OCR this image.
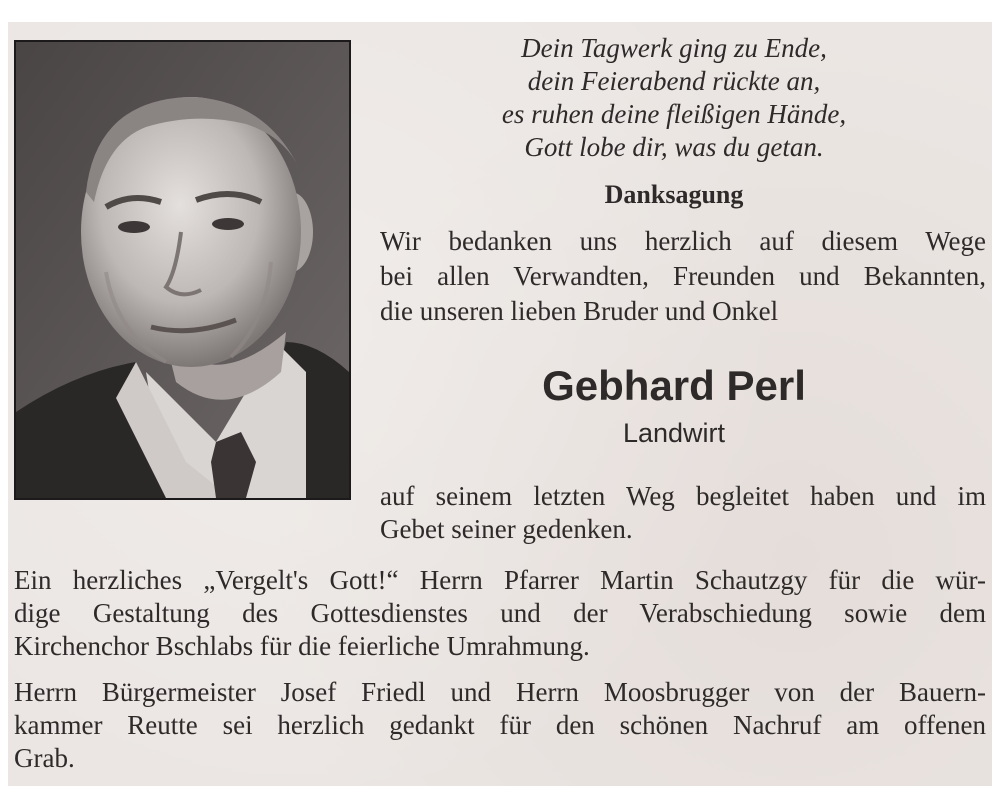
Dein Tagwerk ging zu Ende,
dein Feierabend rückte an,
es ruhen deine fleißigen Hände,
Gott lobe dir, was du getan.
Danksagung
Wir bedanken uns herzlich auf diesem Wege
bei allen Verwandten, Freunden und Bekannten,
die unseren lieben Bruder und Onkel
Gebhard Perl
Landwirt
auf seinem letzten Weg begleitet haben und im
Gebet seiner gedenken.
Ein herzliches „Vergelt's Gott!“ Herrn Pfarrer Martin Schautzgy für die wür-
dige Gestaltung des Gottesdienstes und der Verabschiedung sowie dem
Kirchenchor Bschlabs für die feierliche Umrahmung.
Herrn Bürgermeister Josef Friedl und Herrn Moosbrugger von der Bauern-
kammer Reutte sei herzlich gedankt für den schönen Nachruf am offenen
Grab.
